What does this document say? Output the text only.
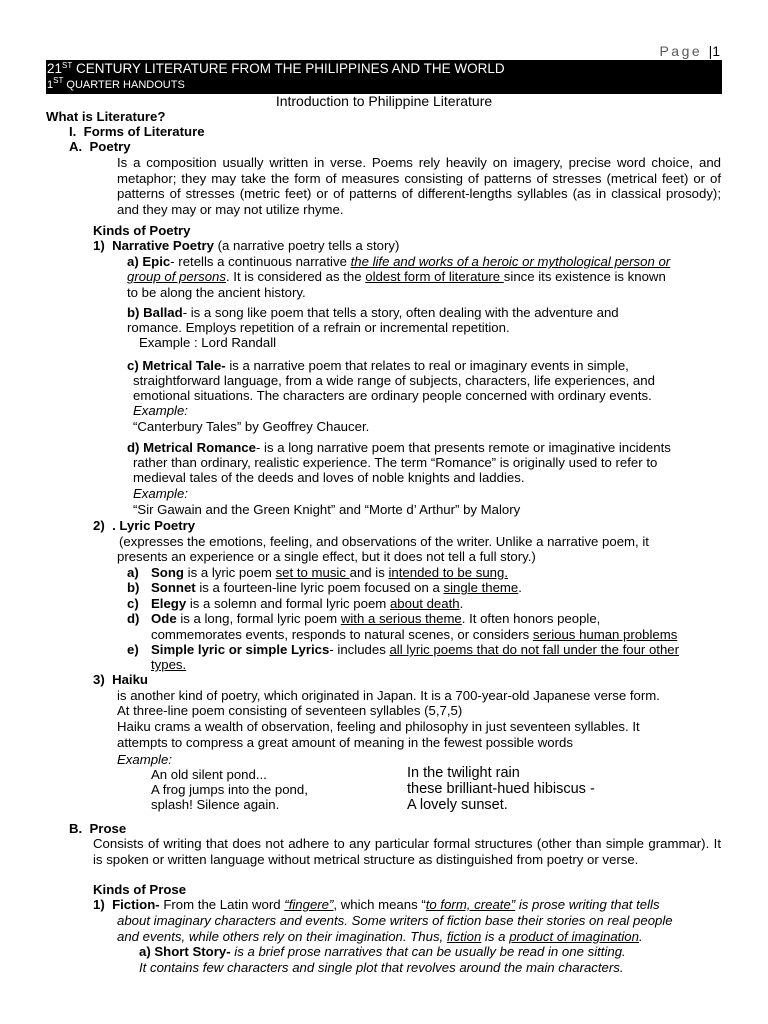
Page |1
21ST CENTURY LITERATURE FROM THE PHILIPPINES AND THE WORLD
1ST QUARTER HANDOUTS
Introduction to Philippine Literature
What is Literature?
I. Forms of Literature
A. Poetry
Is a composition usually written in verse. Poems rely heavily on imagery, precise word choice, and metaphor; they may take the form of measures consisting of patterns of stresses (metrical feet) or of patterns of stresses (metric feet) or of patterns of different-lengths syllables (as in classical prosody); and they may or may not utilize rhyme.
Kinds of Poetry
1) Narrative Poetry (a narrative poetry tells a story)
a) Epic- retells a continuous narrative the life and works of a heroic or mythological person or
group of persons. It is considered as the oldest form of literature since its existence is known
to be along the ancient history.
b) Ballad- is a song like poem that tells a story, often dealing with the adventure and
romance. Employs repetition of a refrain or incremental repetition.
Example : Lord Randall
c) Metrical Tale- is a narrative poem that relates to real or imaginary events in simple,
straightforward language, from a wide range of subjects, characters, life experiences, and
emotional situations. The characters are ordinary people concerned with ordinary events.
Example:
“Canterbury Tales” by Geoffrey Chaucer.
d) Metrical Romance- is a long narrative poem that presents remote or imaginative incidents
rather than ordinary, realistic experience. The term “Romance” is originally used to refer to
medieval tales of the deeds and loves of noble knights and laddies.
Example:
“Sir Gawain and the Green Knight” and “Morte d’ Arthur” by Malory
2) . Lyric Poetry
(expresses the emotions, feeling, and observations of the writer. Unlike a narrative poem, it
presents an experience or a single effect, but it does not tell a full story.)
a) Song is a lyric poem set to music and is intended to be sung.
b) Sonnet is a fourteen-line lyric poem focused on a single theme.
c) Elegy is a solemn and formal lyric poem about death.
d) Ode is a long, formal lyric poem with a serious theme. It often honors people,
commemorates events, responds to natural scenes, or considers serious human problems
e) Simple lyric or simple Lyrics- includes all lyric poems that do not fall under the four other
types.
3) Haiku
is another kind of poetry, which originated in Japan. It is a 700-year-old Japanese verse form.
At three-line poem consisting of seventeen syllables (5,7,5)
Haiku crams a wealth of observation, feeling and philosophy in just seventeen syllables. It
attempts to compress a great amount of meaning in the fewest possible words
Example:
An old silent pond...
A frog jumps into the pond,
splash! Silence again.
In the twilight rain
these brilliant-hued hibiscus -
A lovely sunset.
B. Prose
Consists of writing that does not adhere to any particular formal structures (other than simple grammar). It is spoken or written language without metrical structure as distinguished from poetry or verse.
Kinds of Prose
1) Fiction- From the Latin word “fingere”, which means “to form, create” is prose writing that tells
about imaginary characters and events. Some writers of fiction base their stories on real people
and events, while others rely on their imagination. Thus, fiction is a product of imagination.
a) Short Story- is a brief prose narratives that can be usually be read in one sitting.
It contains few characters and single plot that revolves around the main characters.
